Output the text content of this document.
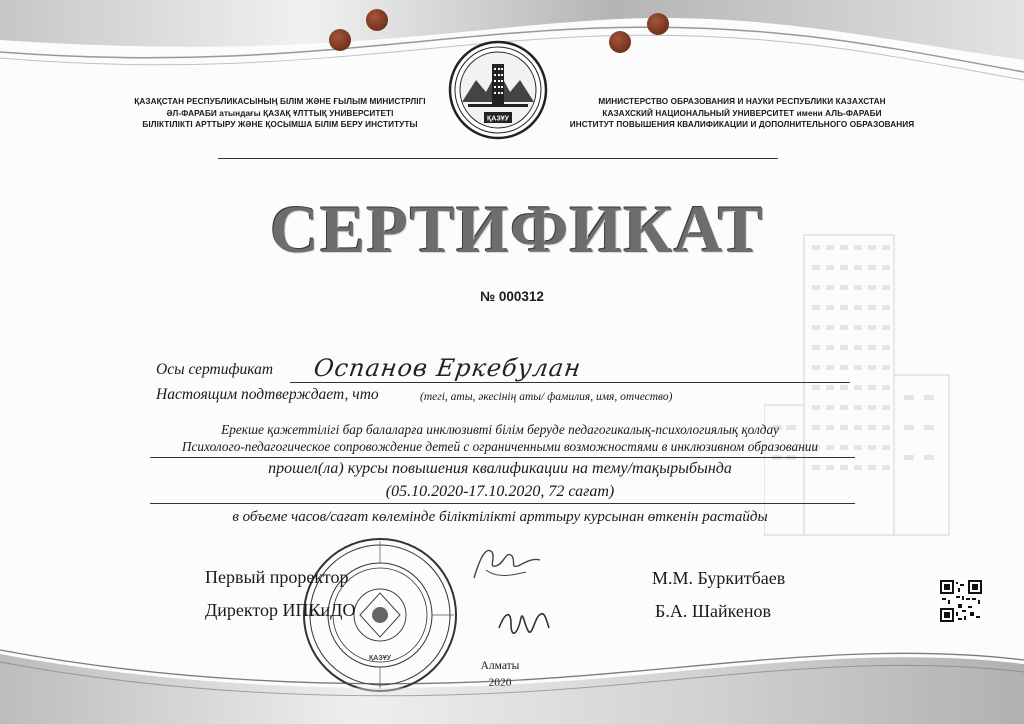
ҚАЗАҚСТАН РЕСПУБЛИКАСЫНЫҢ БІЛІМ ЖӘНЕ ҒЫЛЫМ МИНИСТРЛІГІ
ӘЛ-ФАРАБИ атындағы ҚАЗАҚ ҰЛТТЫҚ УНИВЕРСИТЕТІ
БІЛІКТІЛІКТІ АРТТЫРУ ЖӘНЕ ҚОСЫМША БІЛІМ БЕРУ ИНСТИТУТЫ
ҚАЗҰУ
МИНИСТЕРСТВО ОБРАЗОВАНИЯ И НАУКИ РЕСПУБЛИКИ КАЗАХСТАН
КАЗАХСКИЙ НАЦИОНАЛЬНЫЙ УНИВЕРСИТЕТ имени АЛЬ-ФАРАБИ
ИНСТИТУТ ПОВЫШЕНИЯ КВАЛИФИКАЦИИ И ДОПОЛНИТЕЛЬНОГО ОБРАЗОВАНИЯ
СЕРТИФИКАТ
№ 000312
Осы сертификат Оспанов Еркебулан
Настоящим подтверждает, что	(тегі, аты, әкесінің аты/ фамилия, имя, отчество)
Ерекше қажеттілігі бар балаларға инклюзивті білім беруде педагогикалық-психологиялық қолдау
Психолого-педагогическое сопровождение детей с ограниченными возможностями в инклюзивном образовании
прошел(ла) курсы повышения квалификации на тему/тақырыбында
(05.10.2020-17.10.2020, 72 сағат)
в объеме часов/сағат көлемінде біліктілікті арттыру курсынан өткенін растайды
ҚАЗҰУ
Первый проректор
Директор ИПКиДО
М.М. Буркитбаев
Б.А. Шайкенов
Алматы
2020
